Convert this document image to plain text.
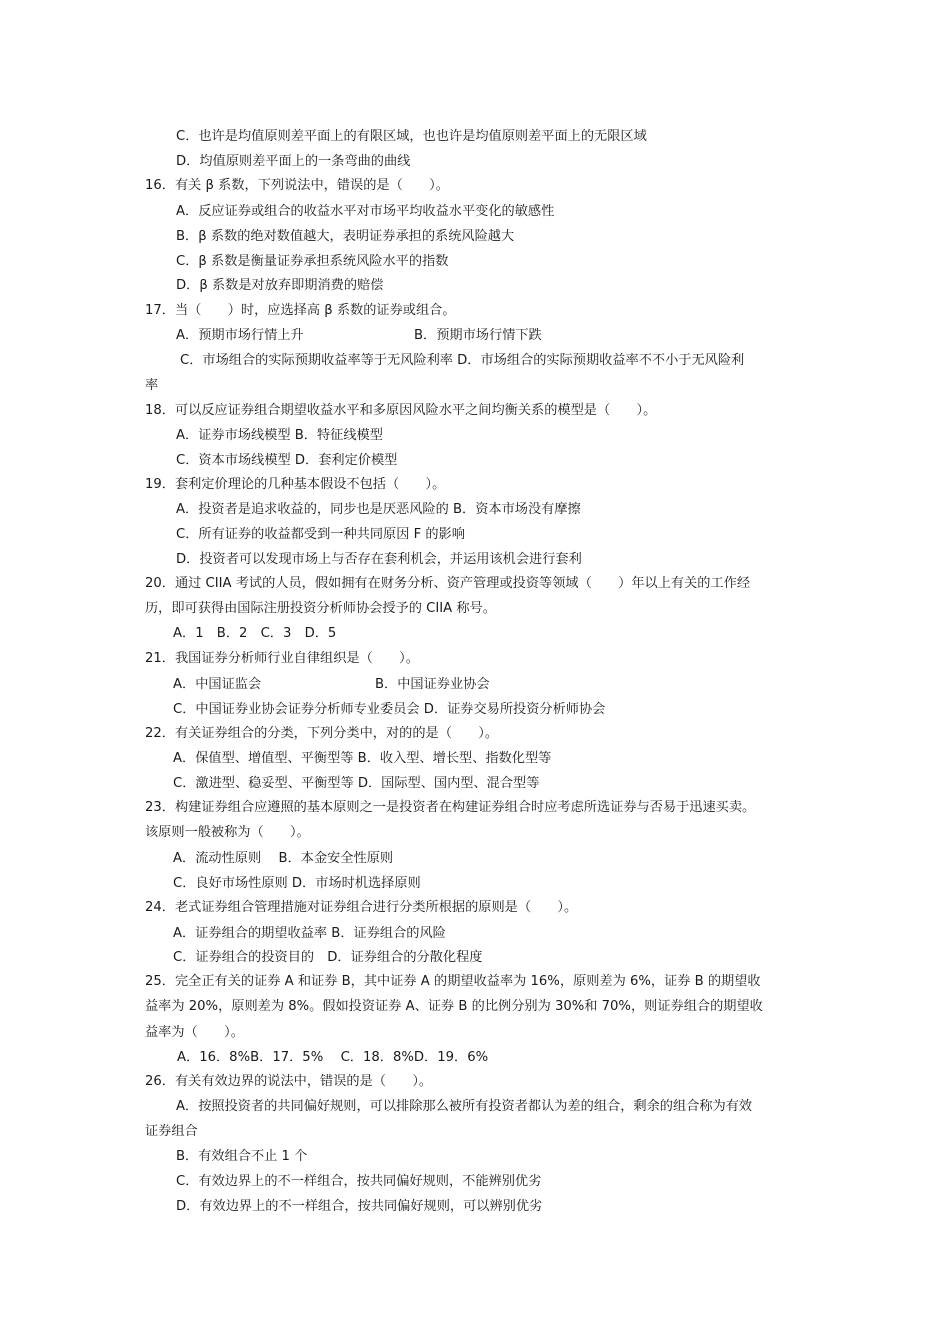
C．也许是均值原则差平面上的有限区域，也也许是均值原则差平面上的无限区域
D．均值原则差平面上的一条弯曲的曲线
16．有关 β 系数，下列说法中，错误的是（　　）。
A．反应证券或组合的收益水平对市场平均收益水平变化的敏感性
B．β 系数的绝对数值越大，表明证券承担的系统风险越大
C．β 系数是衡量证券承担系统风险水平的指数
D．β 系数是对放弃即期消费的赔偿
17．当（　　）时，应选择高 β 系数的证券或组合。
A．预期市场行情上升	B．预期市场行情下跌
C．市场组合的实际预期收益率等于无风险利率 D．市场组合的实际预期收益率不不小于无风险利
率
18．可以反应证券组合期望收益水平和多原因风险水平之间均衡关系的模型是（　　）。
A．证券市场线模型 B．特征线模型
C．资本市场线模型 D．套利定价模型
19．套利定价理论的几种基本假设不包括（　　）。
A．投资者是追求收益的，同步也是厌恶风险的 B．资本市场没有摩擦
C．所有证券的收益都受到一种共同原因 F 的影响
D．投资者可以发现市场上与否存在套利机会，并运用该机会进行套利
20．通过 CIIA 考试的人员，假如拥有在财务分析、资产管理或投资等领域（　　）年以上有关的工作经
历，即可获得由国际注册投资分析师协会授予的 CIIA 称号。
A．1　B．2　C．3　D．5
21．我国证券分析师行业自律组织是（　　）。
A．中国证监会	B．中国证券业协会
C．中国证券业协会证券分析师专业委员会 D．证券交易所投资分析师协会
22．有关证券组合的分类，下列分类中，对的的是（　　）。
A．保值型、增值型、平衡型等 B．收入型、增长型、指数化型等
C．激进型、稳妥型、平衡型等 D．国际型、国内型、混合型等
23．构建证券组合应遵照的基本原则之一是投资者在构建证券组合时应考虑所选证券与否易于迅速买卖。
该原则一般被称为（　　）。
A．流动性原则　 B．本金安全性原则
C．良好市场性原则 D．市场时机选择原则
24．老式证券组合管理措施对证券组合进行分类所根据的原则是（　　）。
A．证券组合的期望收益率 B．证券组合的风险
C．证券组合的投资目的　D．证券组合的分散化程度
25．完全正有关的证券 A 和证券 B，其中证券 A 的期望收益率为 16%，原则差为 6%，证券 B 的期望收
益率为 20%，原则差为 8%。假如投资证券 A、证券 B 的比例分别为 30%和 70%，则证券组合的期望收
益率为（　　）。
A．16．8%B．17．5%　 C．18．8%D．19．6%
26．有关有效边界的说法中，错误的是（　　）。
A．按照投资者的共同偏好规则，可以排除那么被所有投资者都认为差的组合，剩余的组合称为有效
证券组合
B．有效组合不止 1 个
C．有效边界上的不一样组合，按共同偏好规则，不能辨别优劣
D．有效边界上的不一样组合，按共同偏好规则，可以辨别优劣
